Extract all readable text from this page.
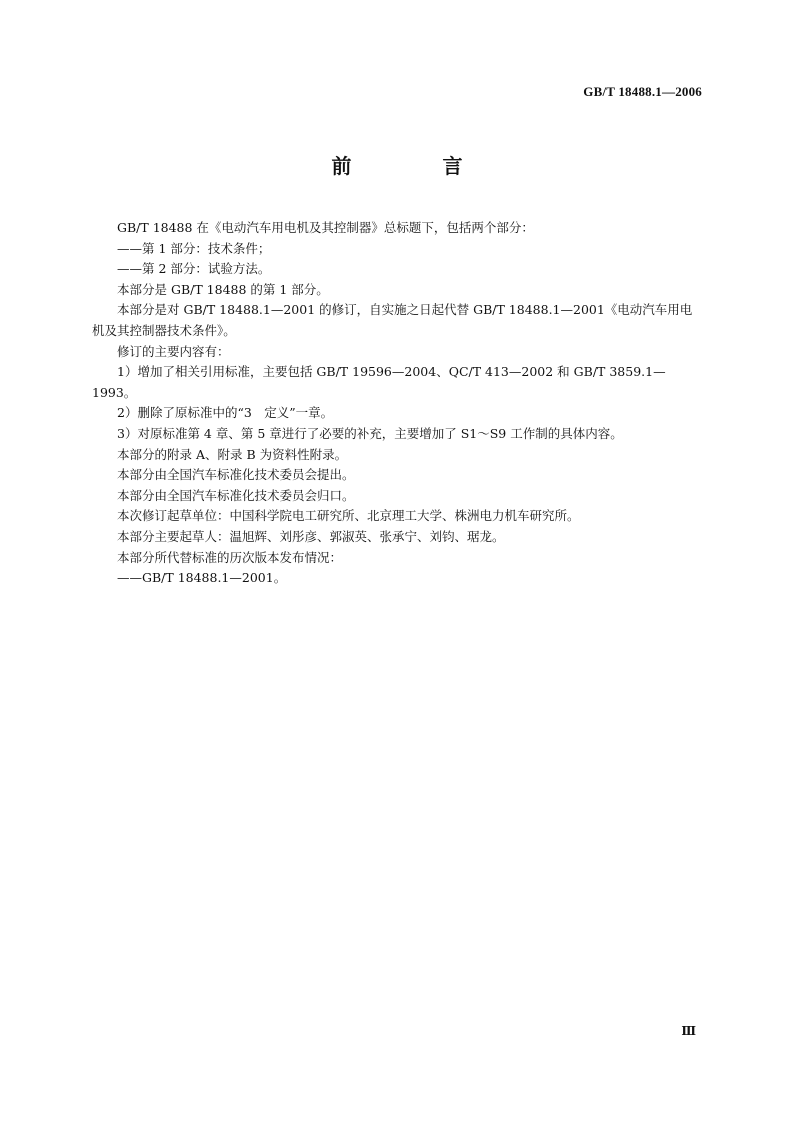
GB/T 18488.1—2006
前 言

GB/T 18488 在《电动汽车用电机及其控制器》总标题下，包括两个部分：

——第 1 部分：技术条件；

——第 2 部分：试验方法。

本部分是 GB/T 18488 的第 1 部分。

本部分是对 GB/T 18488.1—2001 的修订，自实施之日起代替 GB/T 18488.1—2001《电动汽车用电机及其控制器技术条件》。

修订的主要内容有：

1）增加了相关引用标准，主要包括 GB/T 19596—2004、QC/T 413—2002 和 GB/T 3859.1—1993。

2）删除了原标准中的“3　定义”一章。

3）对原标准第 4 章、第 5 章进行了必要的补充，主要增加了 S1～S9 工作制的具体内容。

本部分的附录 A、附录 B 为资料性附录。

本部分由全国汽车标准化技术委员会提出。

本部分由全国汽车标准化技术委员会归口。

本次修订起草单位：中国科学院电工研究所、北京理工大学、株洲电力机车研究所。

本部分主要起草人：温旭辉、刘彤彦、郭淑英、张承宁、刘钧、琚龙。

本部分所代替标准的历次版本发布情况：

——GB/T 18488.1—2001。

Ⅲ
